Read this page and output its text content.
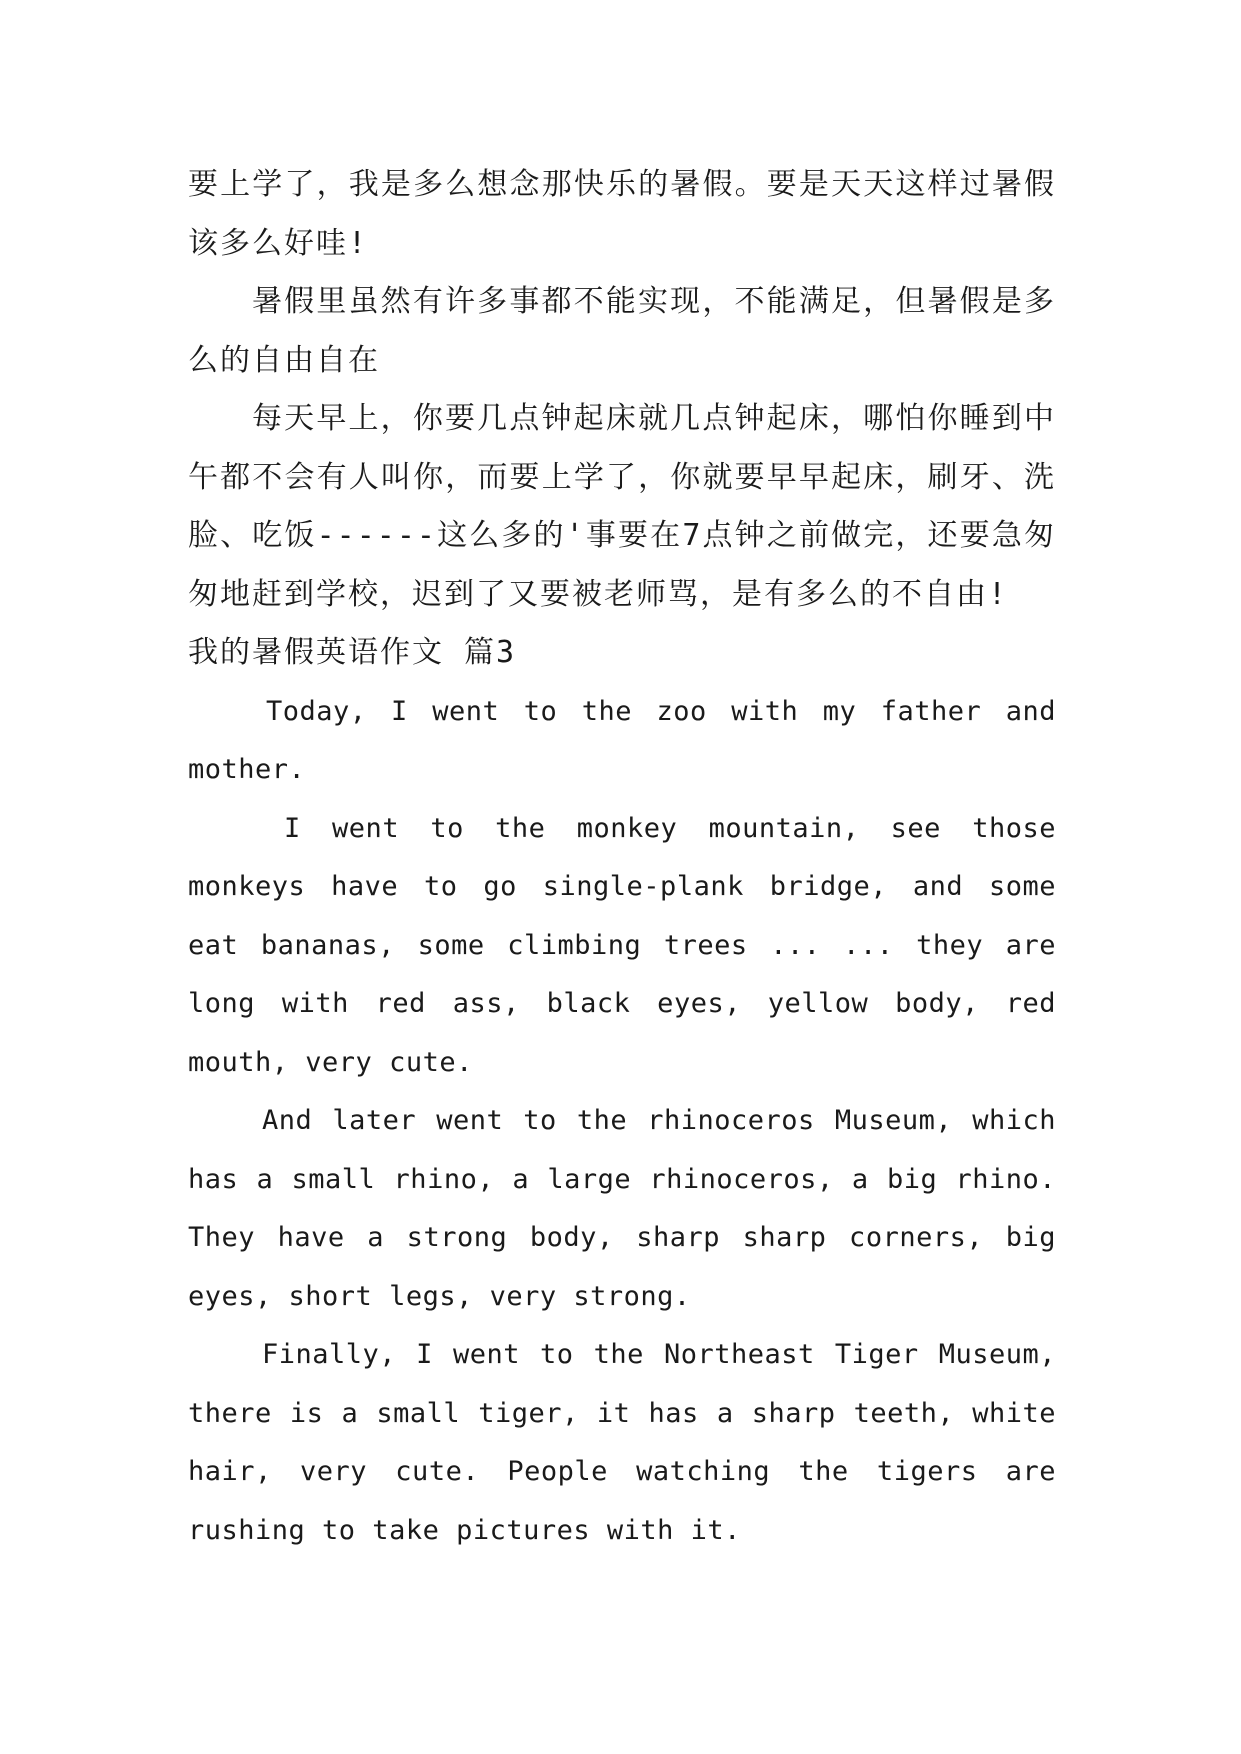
要上学了，我是多么想念那快乐的暑假。要是天天这样过暑假该多么好哇!

暑假里虽然有许多事都不能实现，不能满足，但暑假是多么的自由自在

每天早上，你要几点钟起床就几点钟起床，哪怕你睡到中午都不会有人叫你，而要上学了，你就要早早起床，刷牙、洗脸、吃饭------这么多的'事要在7点钟之前做完，还要急匆匆地赶到学校，迟到了又要被老师骂，是有多么的不自由!

我的暑假英语作文 篇3

Today, I went to the zoo with my father and mother.

I went to the monkey mountain, see those monkeys have to go single-plank bridge, and some eat bananas, some climbing trees ... ... they are long with red ass, black eyes, yellow body, red mouth, very cute.

And later went to the rhinoceros Museum, which has a small rhino, a large rhinoceros, a big rhino. They have a strong body, sharp sharp corners, big eyes, short legs, very strong.

Finally, I went to the Northeast Tiger Museum, there is a small tiger, it has a sharp teeth, white hair, very cute. People watching the tigers are rushing to take pictures with it.
